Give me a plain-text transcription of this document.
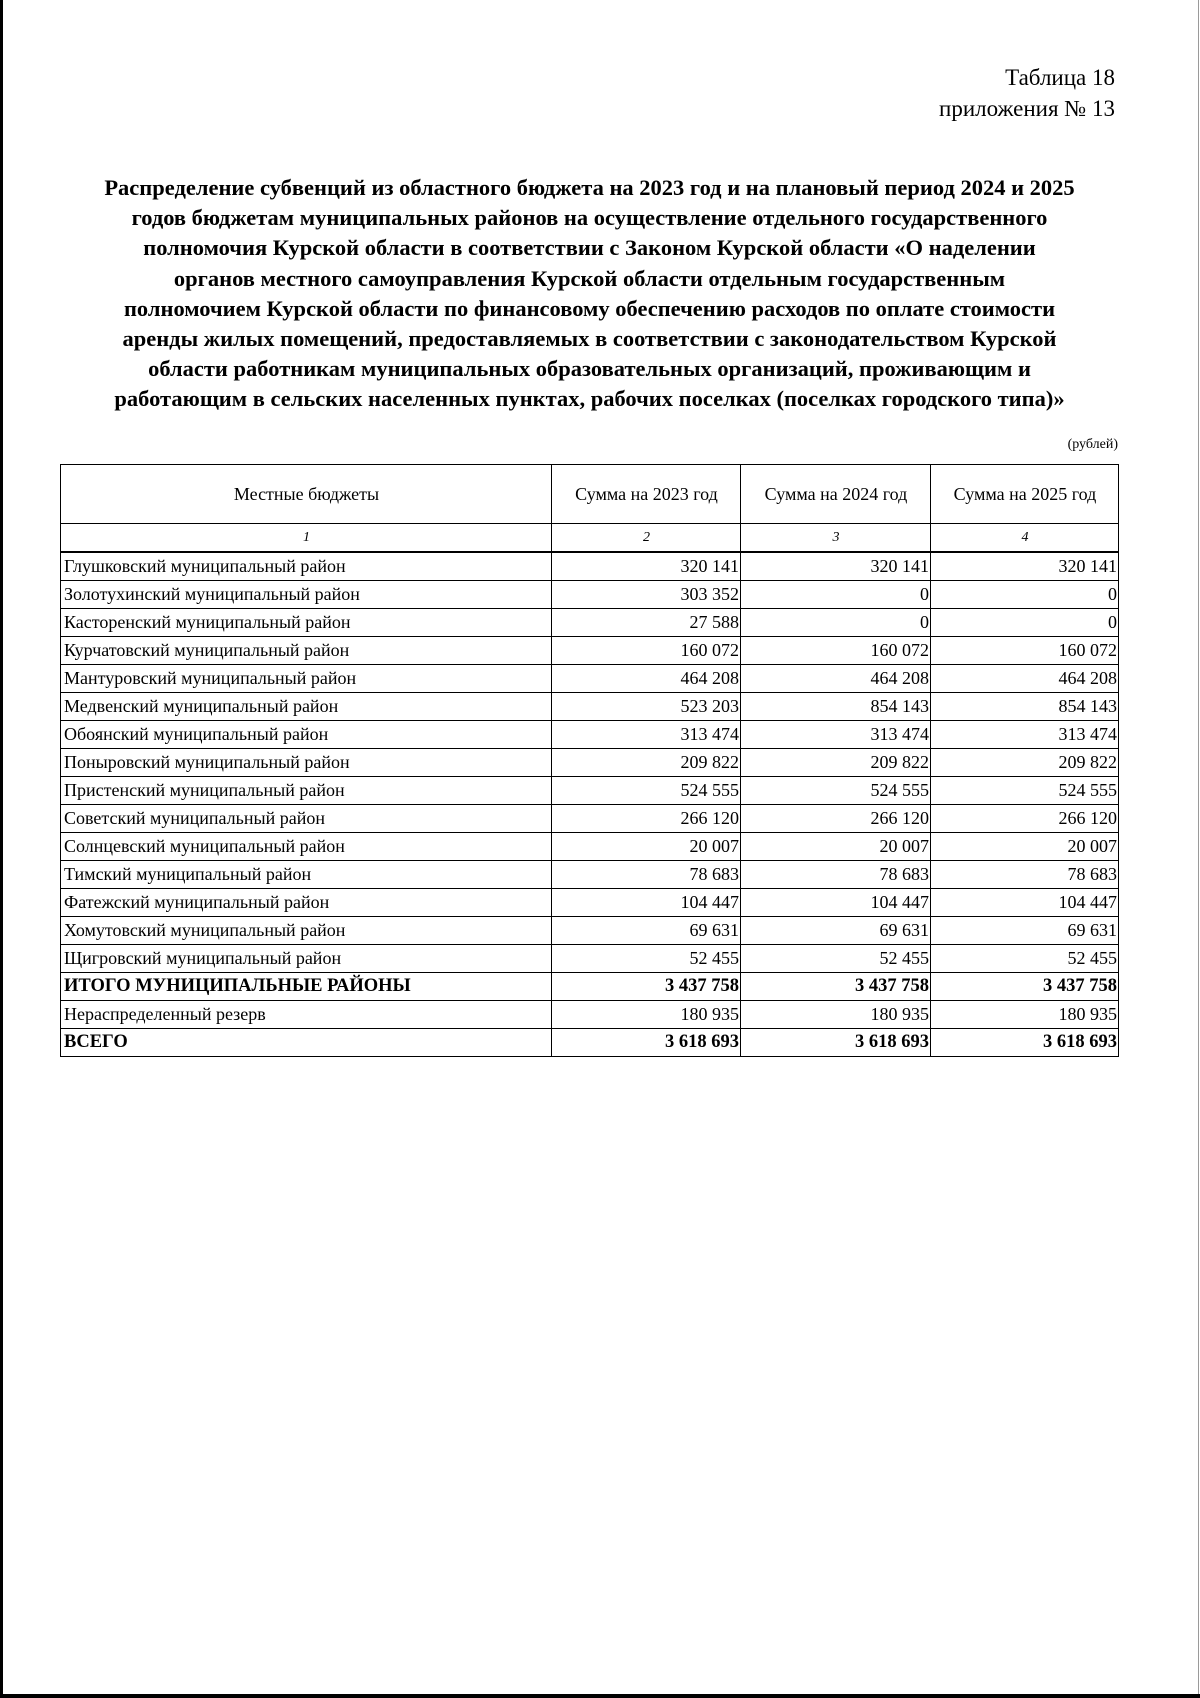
Таблица 18
приложения № 13
Распределение субвенций из областного бюджета на 2023 год и на плановый период 2024 и 2025
годов бюджетам муниципальных районов на осуществление отдельного государственного
полномочия Курской области в соответствии с Законом Курской области «О наделении
органов местного самоуправления Курской области отдельным государственным
полномочием Курской области по финансовому обеспечению расходов по оплате стоимости
аренды жилых помещений, предоставляемых в соответствии с законодательством Курской
области работникам муниципальных образовательных организаций, проживающим и
работающим в сельских населенных пунктах, рабочих поселках (поселках городского типа)»
(рублей)
Местные бюджеты	Сумма на 2023 год	Сумма на 2024 год	Сумма на 2025 год
1	2	3	4
Глушковский муниципальный район	320 141	320 141	320 141
Золотухинский муниципальный район	303 352	0	0
Касторенский муниципальный район	27 588	0	0
Курчатовский муниципальный район	160 072	160 072	160 072
Мантуровский муниципальный район	464 208	464 208	464 208
Медвенский муниципальный район	523 203	854 143	854 143
Обоянский муниципальный район	313 474	313 474	313 474
Поныровский муниципальный район	209 822	209 822	209 822
Пристенский муниципальный район	524 555	524 555	524 555
Советский муниципальный район	266 120	266 120	266 120
Солнцевский муниципальный район	20 007	20 007	20 007
Тимский муниципальный район	78 683	78 683	78 683
Фатежский муниципальный район	104 447	104 447	104 447
Хомутовский муниципальный район	69 631	69 631	69 631
Щигровский муниципальный район	52 455	52 455	52 455
ИТОГО МУНИЦИПАЛЬНЫЕ РАЙОНЫ	3 437 758	3 437 758	3 437 758
Нераспределенный резерв	180 935	180 935	180 935
ВСЕГО	3 618 693	3 618 693	3 618 693
